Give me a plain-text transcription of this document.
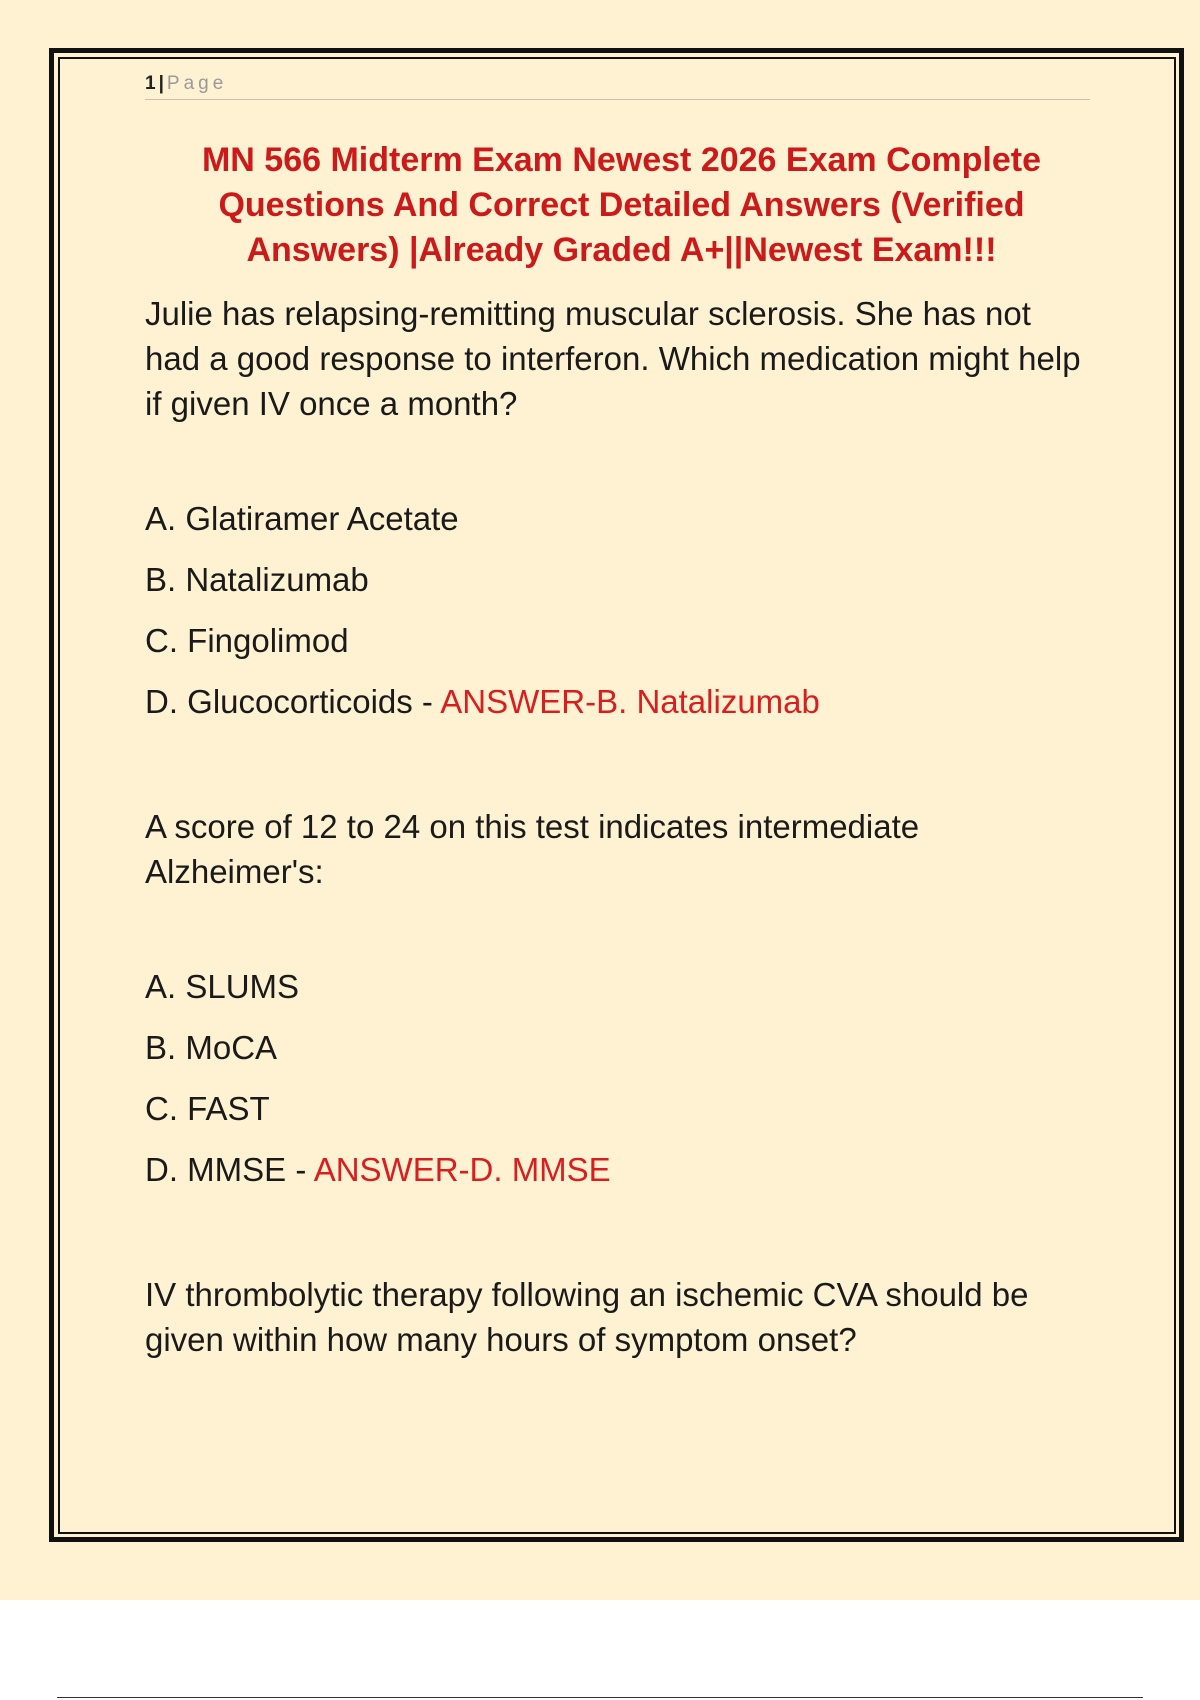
1 | Page
MN 566 Midterm Exam Newest 2026 Exam Complete Questions And Correct Detailed Answers (Verified Answers) |Already Graded A+||Newest Exam!!!

Julie has relapsing-remitting muscular sclerosis. She has not had a good response to interferon. Which medication might help if given IV once a month?

A. Glatiramer Acetate
B. Natalizumab
C. Fingolimod
D. Glucocorticoids - ANSWER-B. Natalizumab

A score of 12 to 24 on this test indicates intermediate Alzheimer's:

A. SLUMS
B. MoCA
C. FAST
D. MMSE - ANSWER-D. MMSE

IV thrombolytic therapy following an ischemic CVA should be given within how many hours of symptom onset?
